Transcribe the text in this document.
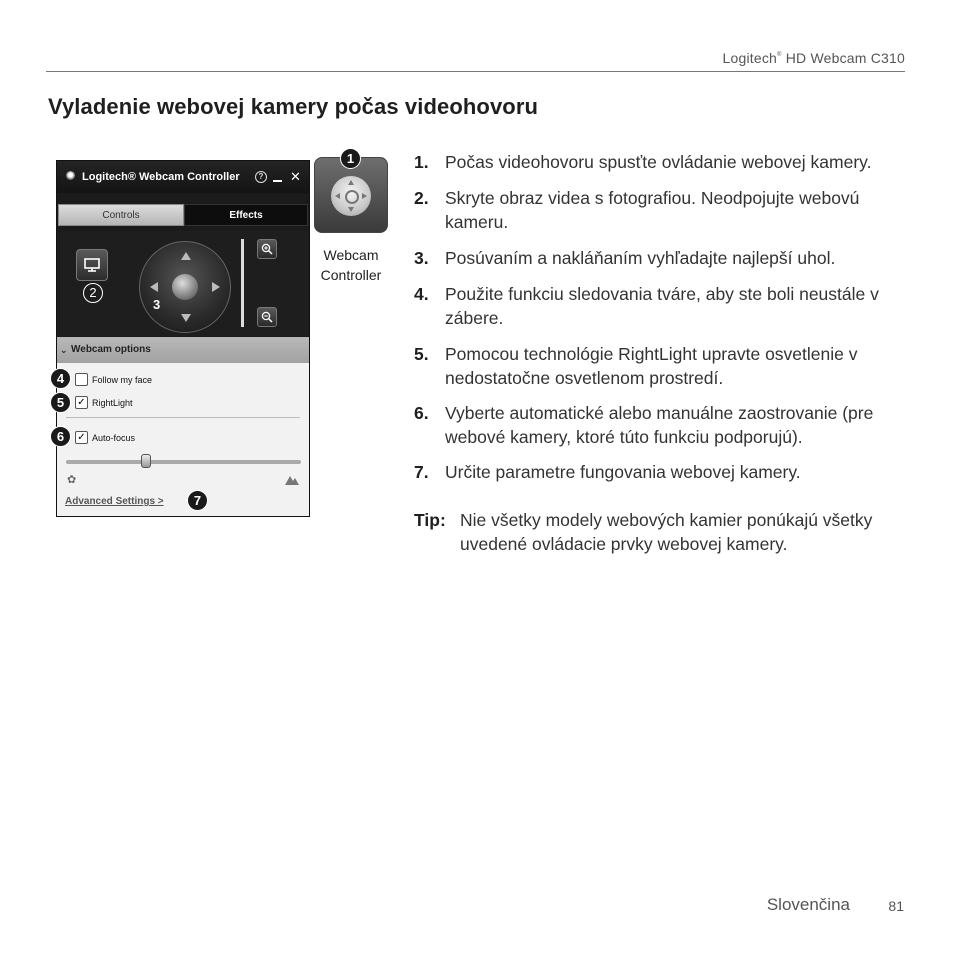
Logitech® HD Webcam C310
Vyladenie webovej kamery počas videohovoru
Logitech® Webcam Controller	? ✕
Controls	Effects
2
3
⌄ Webcam options
Follow my face
✓ RightLight
✓ Auto-focus
✿
Advanced Settings >
Webcam Controller
1
4
5
6
7
1. Počas videohovoru spusťte ovládanie webovej kamery.
2. Skryte obraz videa s fotografiou. Neodpojujte webovú kameru.
3. Posúvaním a nakláňaním vyhľadajte najlepší uhol.
4. Použite funkciu sledovania tváre, aby ste boli neustále v zábere.
5. Pomocou technológie RightLight upravte osvetlenie v nedostatočne osvetlenom prostredí.
6. Vyberte automatické alebo manuálne zaostrovanie (pre webové kamery, ktoré túto funkciu podporujú).
7. Určite parametre fungovania webovej kamery.
Tip: Nie všetky modely webových kamier ponúkajú všetky uvedené ovládacie prvky webovej kamery.
Slovenčina	81
